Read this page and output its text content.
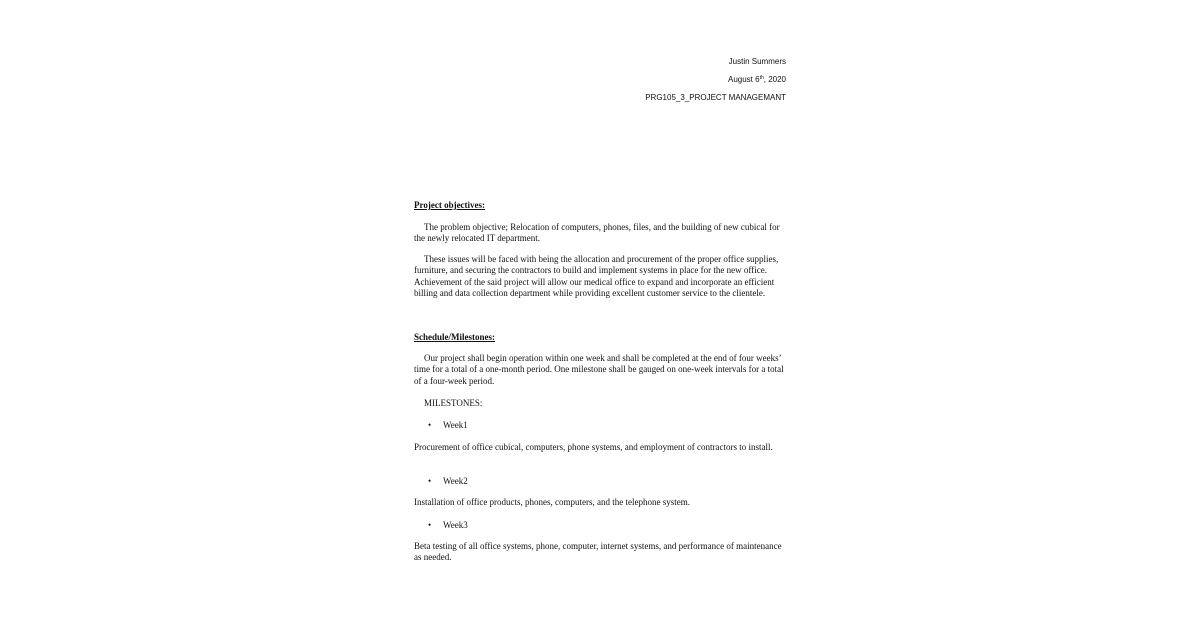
Justin Summers
August 6th, 2020
PRG105_3_PROJECT MANAGEMANT
Project objectives:

The problem objective; Relocation of computers, phones, files, and the building of new cubical for the newly relocated IT department.

These issues will be faced with being the allocation and procurement of the proper office supplies, furniture, and securing the contractors to build and implement systems in place for the new office. Achievement of the said project will allow our medical office to expand and incorporate an efficient billing and data collection department while providing excellent customer service to the clientele.

Schedule/Milestones:

Our project shall begin operation within one week and shall be completed at the end of four weeks’ time for a total of a one-month period. One milestone shall be gauged on one-week intervals for a total of a four-week period.

MILESTONES:

• Week1

Procurement of office cubical, computers, phone systems, and employment of contractors to install.

• Week2

Installation of office products, phones, computers, and the telephone system.

• Week3

Beta testing of all office systems, phone, computer, internet systems, and performance of maintenance as needed.
